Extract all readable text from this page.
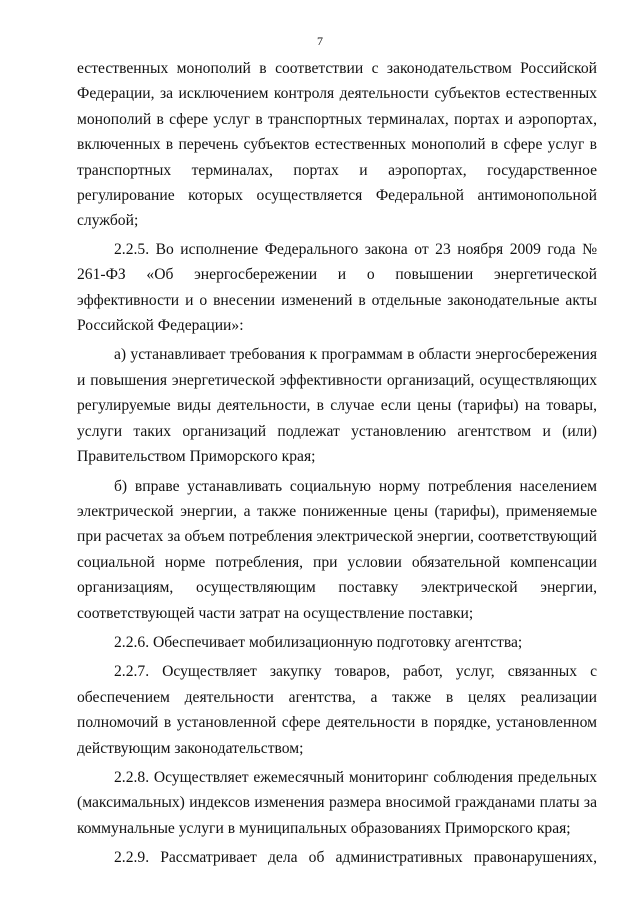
7

естественных монополий в соответствии с законодательством Российской Федерации, за исключением контроля деятельности субъектов естественных монополий в сфере услуг в транспортных терминалах, портах и аэропортах, включенных в перечень субъектов естественных монополий в сфере услуг в транспортных терминалах, портах и аэропортах, государственное регулирование которых осуществляется Федеральной антимонопольной службой;

2.2.5. Во исполнение Федерального закона от 23 ноября 2009 года № 261-ФЗ «Об энергосбережении и о повышении энергетической эффективности и о внесении изменений в отдельные законодательные акты Российской Федерации»:

а) устанавливает требования к программам в области энергосбережения и повышения энергетической эффективности организаций, осуществляющих регулируемые виды деятельности, в случае если цены (тарифы) на товары, услуги таких организаций подлежат установлению агентством и (или) Правительством Приморского края;

б) вправе устанавливать социальную норму потребления населением электрической энергии, а также пониженные цены (тарифы), применяемые при расчетах за объем потребления электрической энергии, соответствующий социальной норме потребления, при условии обязательной компенсации организациям, осуществляющим поставку электрической энергии, соответствующей части затрат на осуществление поставки;

2.2.6. Обеспечивает мобилизационную подготовку агентства;

2.2.7. Осуществляет закупку товаров, работ, услуг, связанных с обеспечением деятельности агентства, а также в целях реализации полномочий в установленной сфере деятельности в порядке, установленном действующим законодательством;

2.2.8. Осуществляет ежемесячный мониторинг соблюдения предельных (максимальных) индексов изменения размера вносимой гражданами платы за коммунальные услуги в муниципальных образованиях Приморского края;

2.2.9. Рассматривает дела об административных правонарушениях,
